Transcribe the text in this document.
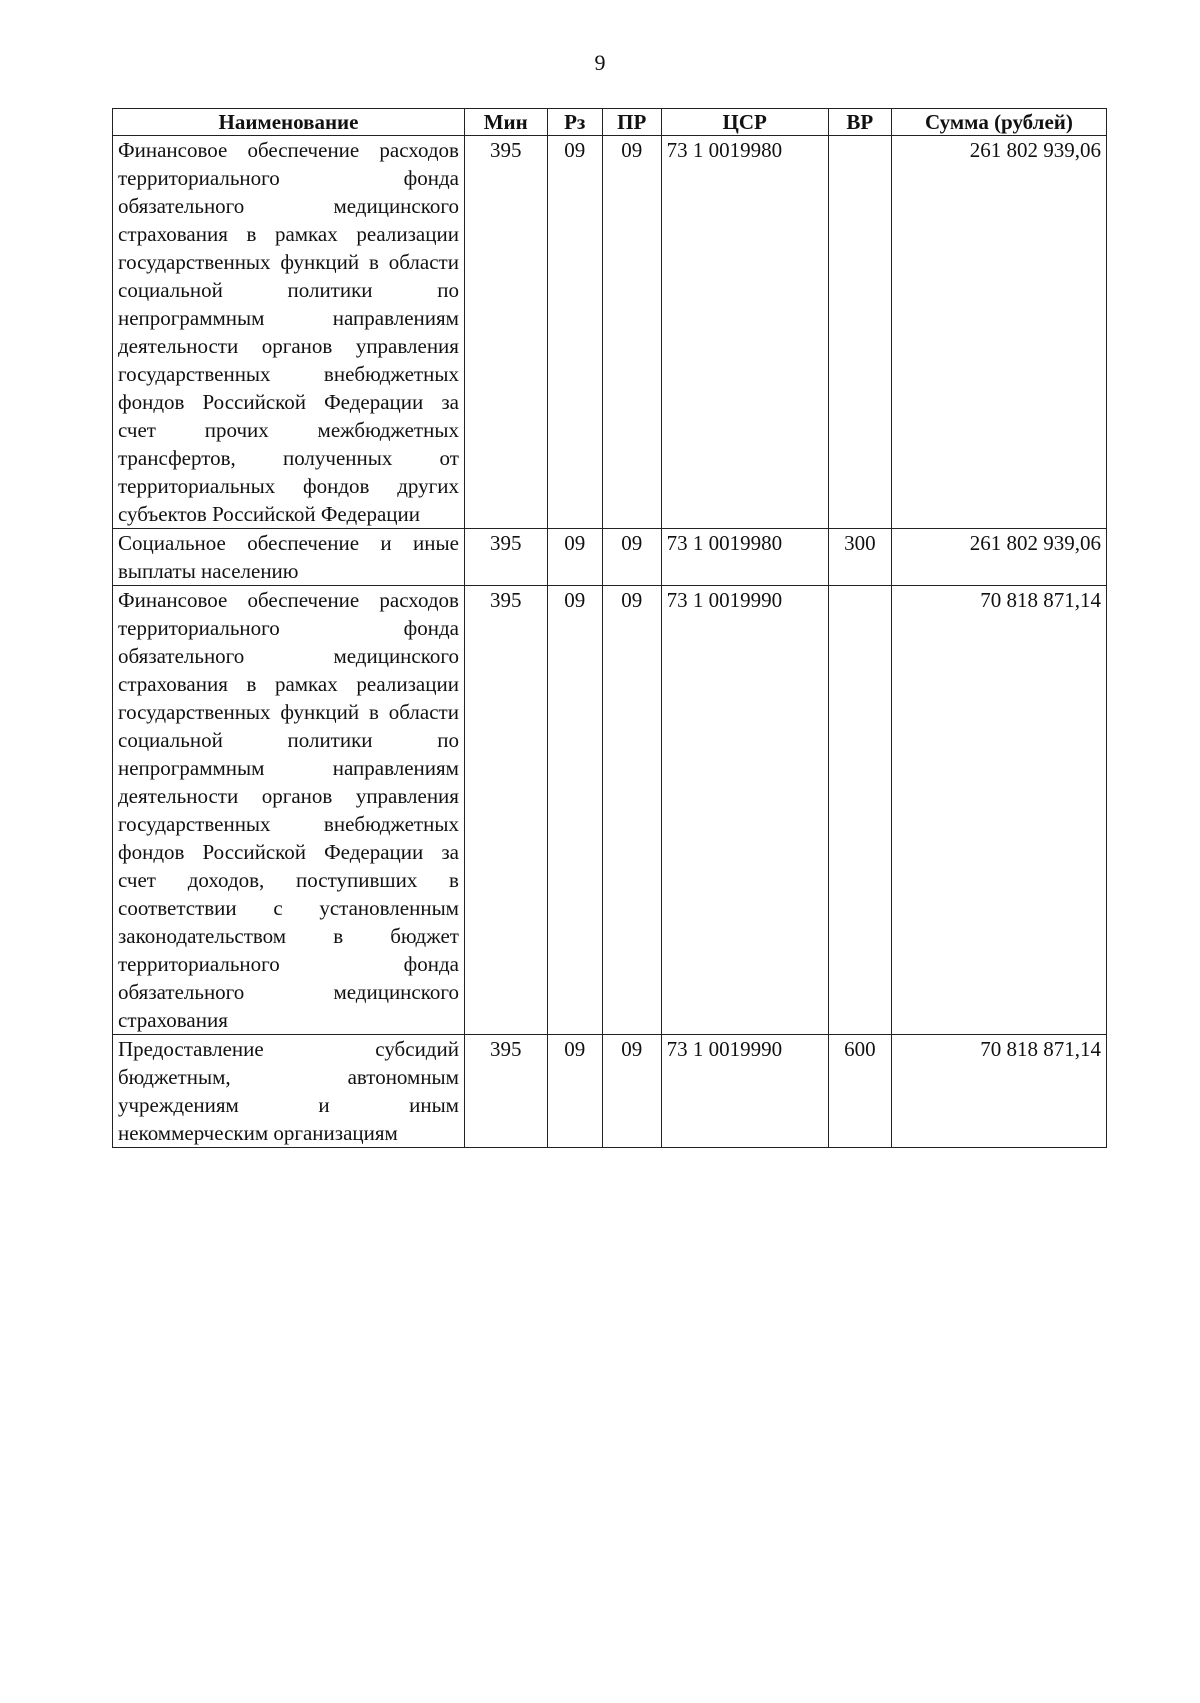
9
Наименование	Мин	Рз	ПР	ЦСР	ВР	Сумма (рублей)
Финансовое обеспечение расходов территориального фонда обязательного медицинского страхования в рамках реализации государственных функций в области социальной политики по непрограммным направлениям деятельности органов управления государственных внебюджетных фондов Российской Федерации за счет прочих межбюджетных трансфертов, полученных от территориальных фондов других субъектов Российской Федерации	395	09	09	73 1 0019980		261 802 939,06
Социальное обеспечение и иные выплаты населению	395	09	09	73 1 0019980	300	261 802 939,06
Финансовое обеспечение расходов территориального фонда обязательного медицинского страхования в рамках реализации государственных функций в области социальной политики по непрограммным направлениям деятельности органов управления государственных внебюджетных фондов Российской Федерации за счет доходов, поступивших в соответствии с установленным законодательством в бюджет территориального фонда обязательного медицинского страхования	395	09	09	73 1 0019990		70 818 871,14
Предоставление субсидий бюджетным, автономным учреждениям и иным некоммерческим организациям	395	09	09	73 1 0019990	600	70 818 871,14
